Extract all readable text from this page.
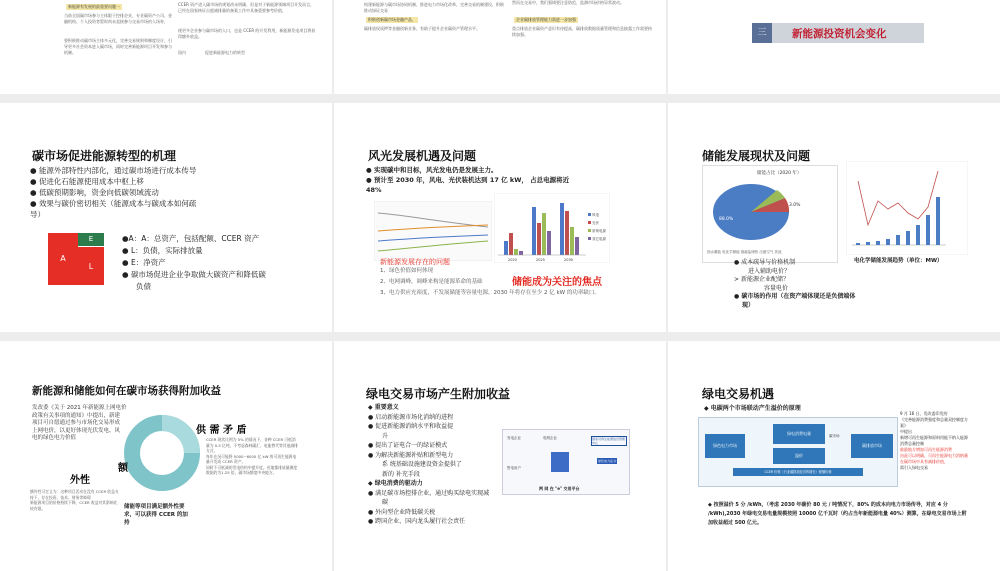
新能源有发展的最重要问题一
当前全国碳市场参与主体限于控排企业，专业碳资产公司、金融机构、个人投资者暂时尚未直接参与交易市场的入场券，
要积极推动碳市场主体多元化，完善交易规则和制度设计，引导更多社会资本进入碳市场，同时完善新能源项目开发和参与机制。
CCER 资产进入碳市场的规划尚未明确，但是对于新能源领域项目开发而言，已经在国家核证自愿减排量的备案工作中具备重要参考价值，
使更多企业参与碳市场的入口，也是 CCER 的开发利用，新能源发电项目将获得额外收益。
国内	促进新能源电力的转型
构建新能源与碳市场协同机制，推进电力市场化改革，完善交易机制建设，积极推动绿证交易
积极创新碳市场金融产品，
碳排放权质押等金融创新业务，有助于提升企业碳资产管理水平。
然而在交易中，我们强调要注意防范，监测市场价格异常波动。
企业碳排放管理能力需进一步加强
重点排放企业碳资产意识有待提高，碳排放数据质量管理和信息披露工作需要持续加强。	三	新能源投资机会变化
碳市场促进能源转型的机理
● 能源外部特性内部化，通过碳市场进行成本传导
● 促进化石能源使用成本中枢上移
● 低碳预期影响，资金向低碳领域流动
● 效果与碳价密切相关（能源成本与碳成本如何疏
导）
A
E
L
●A：A：总资产，包括配额、CCER 资产
● L：负债，实际排放量
● E：净资产
● 碳市场促进企业争取做大碳资产和降低碳
负债
风光发展机遇及问题
● 实现碳中和目标，风光发电仍是发展主力。
● 预计至 2030 年，风电、光伏装机达到 17 亿 kW， 占总电源将近
48%
风电
光伏
常规电源
其它电源
2020	2025	2030
新能源发展存在的问题
储能成为关注的焦点
1、绿色价值如何体现
2、电网调峰，调峰来构是能源革命的基础
3、电力供应充裕度，不发展储能等容量电源，2030 年将存在至少 2 亿 kW 的功率缺口。
储能发展现状及问题
储能占比（2020 年）
88.0%
3.0%
抽水蓄能 电化学储能 熔融盐储热 压缩空气 其他
电化学储能发展趋势（单位：MW）
● 成本疏导与价格机制
进入辅助电价？
> 新能源企业配储？
容量电价
● 碳市场的作用（在资产端体现还是负债端体
现）
新能源和储能如何在碳市场获得附加收益
发改委《关于 2021 年新能源上网电价
政策有关事项的通知》中提出，新建
项目可自愿通过参与市场化交易形成
上网电价，以更好体现光伏发电、风
电的绿色电力价值
外性
额
供 需 矛 盾
CCER 现状比例为 5% 的情况下，各种 CCER 可抵消量为 0.5 亿吨，不考虑森林碳汇、电能替代等其他减排方式，
每年在况可能将 5000~6000 亿 kW 的可再生能源电量开发成 CCER 资产，
同时不可抵减的发电结构中提升度。若地都排放量测度数据约为1.25 倍，碳市场额度中央地方。
额外性可定义为：这种项目活动在没有 CCER 收益支持下，存在投资、技术、财务等障碍
新能源项目的价格持续下降，CCER 收益对其影响比较有限。	储能等项目满足额外性要
求，可以获得 CCER 的加
持
绿电交易市场产生附加收益
◆ 重要意义
● 启动新能源市场化消纳的进程
● 促进新能源消纳水平和收益提
升
● 提出了证电合一的绿证模式
● 为解决新能源补贴和新型电力
系 统基础设施建设资金提供了
新的 补充手段
◆ 绿电消费的驱动力
● 满足碳市场控排企业，通过购买绿电实现减
碳
● 外向型企业降低碳关税
● 跨国企业、国内龙头履行社会责任
发电企业	电网企业
售电用户
国家可再生能源信息管理中心
绿色电力证书
两 网 在 "e" 交易平台
绿电交易机遇
◆ 电碳两个市场联动产生溢价的原理
绿色电力市场
绿电消费电量
溢价
碳市场
碳排放市场
CCER 价格（行业碳排放经济的增长）配额价格
9 月 16 日，发改委印发的
《完善能源消费强度和总量双控制度方案》
中提出
新增可再生能源和原料用能不纳入能源消费总量控制
鼓励地方增加可再生能源消费
由此可以明确，可再生能源电力消纳量在碳市场中具有减排价值，
需引入绿电交易
◆ 按照溢价 5 分 /kWh，（考虑 2030 年碳价 80 元 / 吨情况下，80% 的成本向电力市场传导，对应 4 分
/kWh),2030 年绿电交易电量规模按照 10000 亿千瓦时（约占当年新能源电量 40%）测算，在绿电交易市场上附加收益超过 500 亿元。
